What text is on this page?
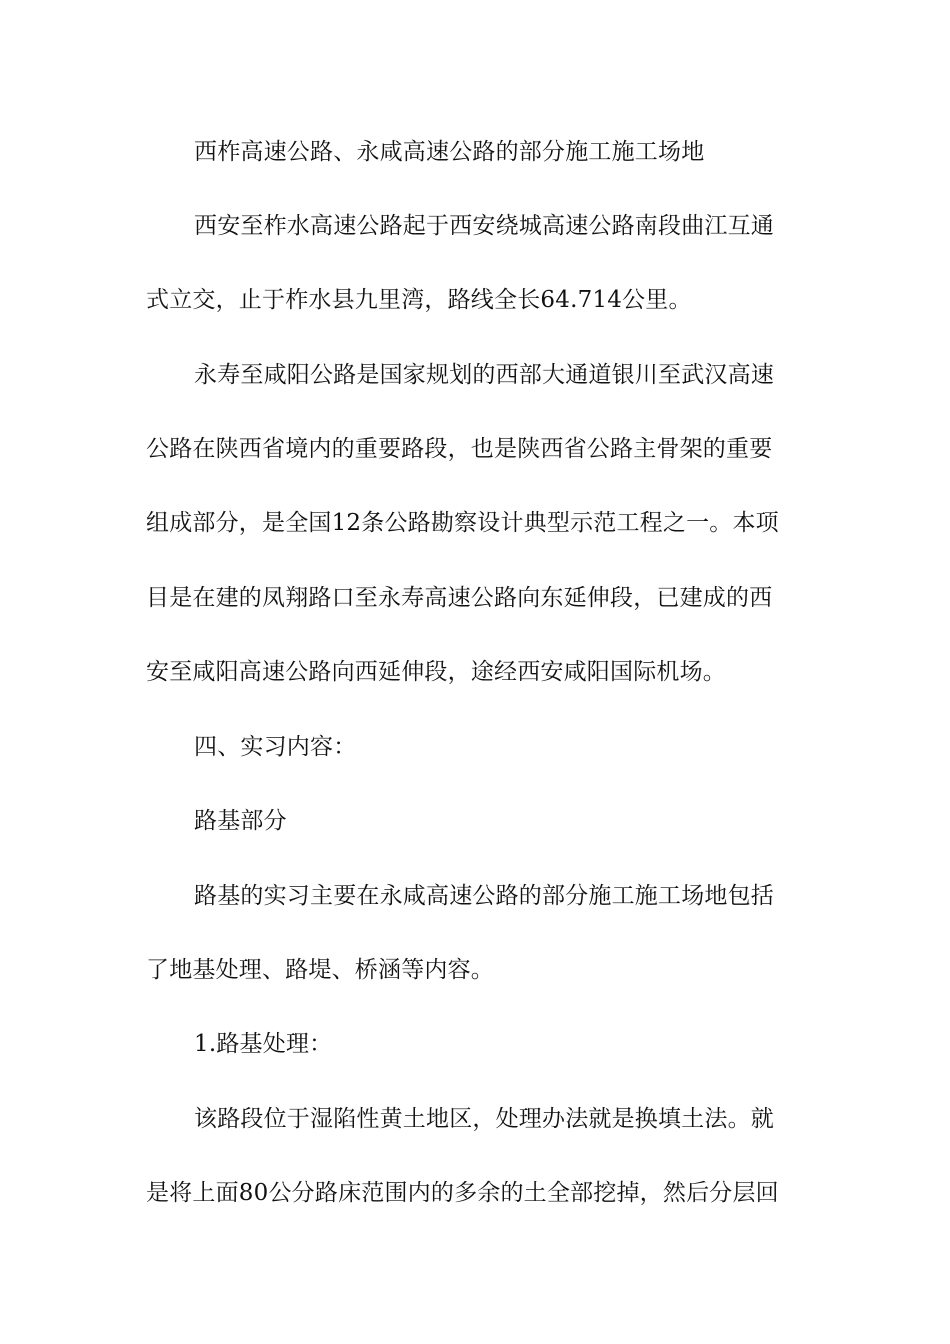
西柞高速公路、永咸高速公路的部分施工施工场地
西安至柞水高速公路起于西安绕城高速公路南段曲江互通
式立交，止于柞水县九里湾，路线全长64.714公里。
永寿至咸阳公路是国家规划的西部大通道银川至武汉高速
公路在陕西省境内的重要路段，也是陕西省公路主骨架的重要
组成部分，是全国12条公路勘察设计典型示范工程之一。本项
目是在建的凤翔路口至永寿高速公路向东延伸段，已建成的西
安至咸阳高速公路向西延伸段，途经西安咸阳国际机场。
四、实习内容：
路基部分
路基的实习主要在永咸高速公路的部分施工施工场地包括
了地基处理、路堤、桥涵等内容。
1.路基处理：
该路段位于湿陷性黄土地区，处理办法就是换填土法。就
是将上面80公分路床范围内的多余的土全部挖掉，然后分层回
